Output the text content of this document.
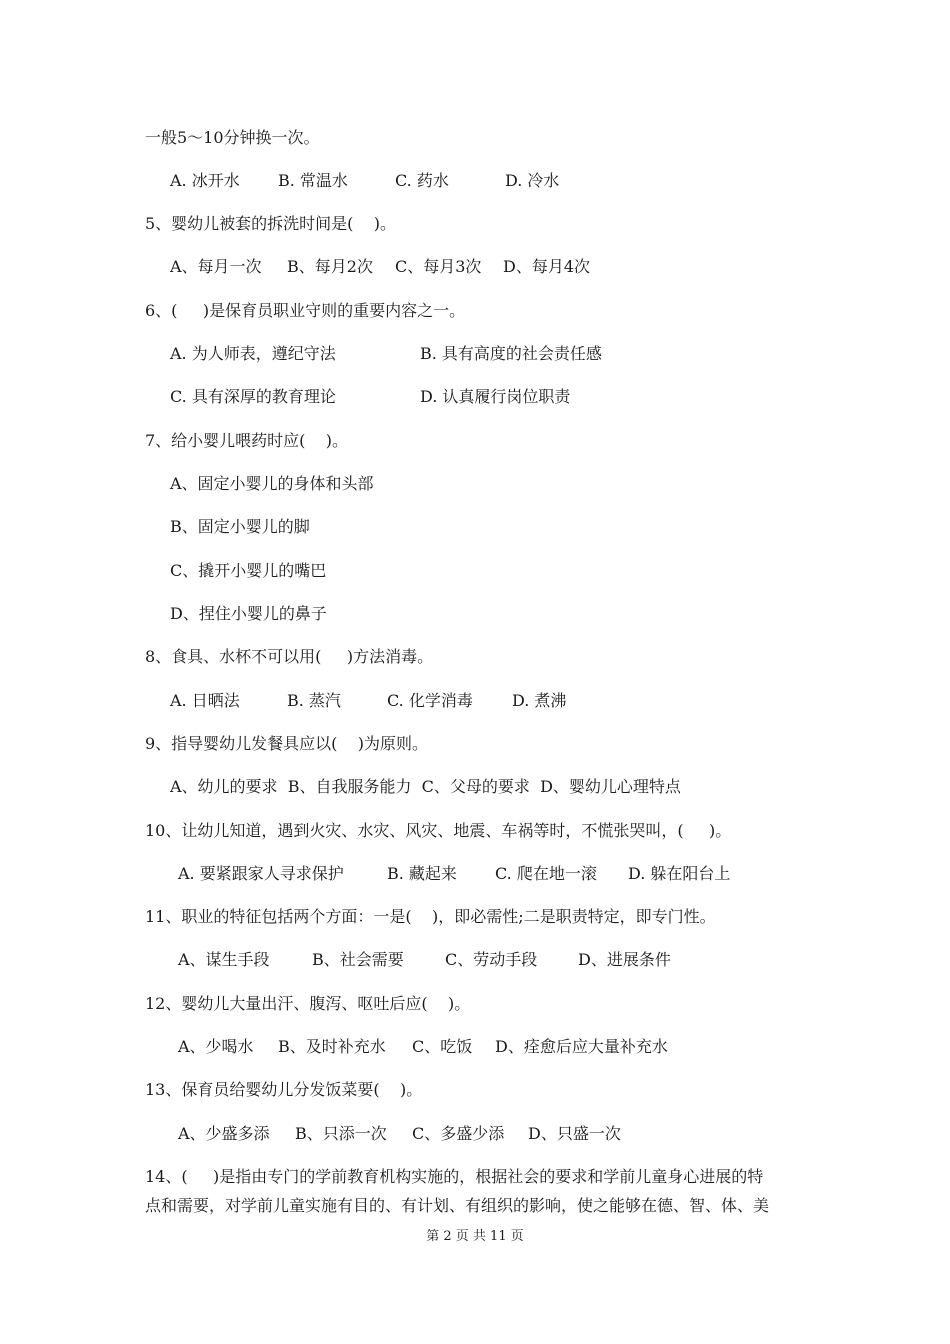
一般5～10分钟换一次。
A. 冰开水 B. 常温水	C. 药水	D. 冷水
5、婴幼儿被套的拆洗时间是(    )。
A、每月一次 B、每月2次 C、每月3次 D、每月4次
6、(     )是保育员职业守则的重要内容之一。
A. 为人师表，遵纪守法	B. 具有高度的社会责任感
C. 具有深厚的教育理论	D. 认真履行岗位职责
7、给小婴儿喂药时应(    )。
A、固定小婴儿的身体和头部
B、固定小婴儿的脚
C、撬开小婴儿的嘴巴
D、捏住小婴儿的鼻子
8、食具、水杯不可以用(     )方法消毒。
A. 日晒法	B. 蒸汽	C. 化学消毒 D. 煮沸
9、指导婴幼儿发餐具应以(    )为原则。
A、幼儿的要求  B、自我服务能力  C、父母的要求  D、婴幼儿心理特点
10、让幼儿知道，遇到火灾、水灾、风灾、地震、车祸等时，不慌张哭叫，(     )。
A. 要紧跟家人寻求保护	B. 藏起来 C. 爬在地一滚 D. 躲在阳台上
11、职业的特征包括两个方面：一是(    )，即必需性;二是职责特定，即专门性。
A、谋生手段	B、社会需要	C、劳动手段	D、进展条件
12、婴幼儿大量出汗、腹泻、呕吐后应(    )。
A、少喝水 B、及时补充水 C、吃饭 D、痊愈后应大量补充水
13、保育员给婴幼儿分发饭菜要(    )。
A、少盛多添 B、只添一次 C、多盛少添 D、只盛一次
14、(     )是指由专门的学前教育机构实施的，根据社会的要求和学前儿童身心进展的特
点和需要，对学前儿童实施有目的、有计划、有组织的影响，使之能够在德、智、体、美
第 2 页 共 11 页
